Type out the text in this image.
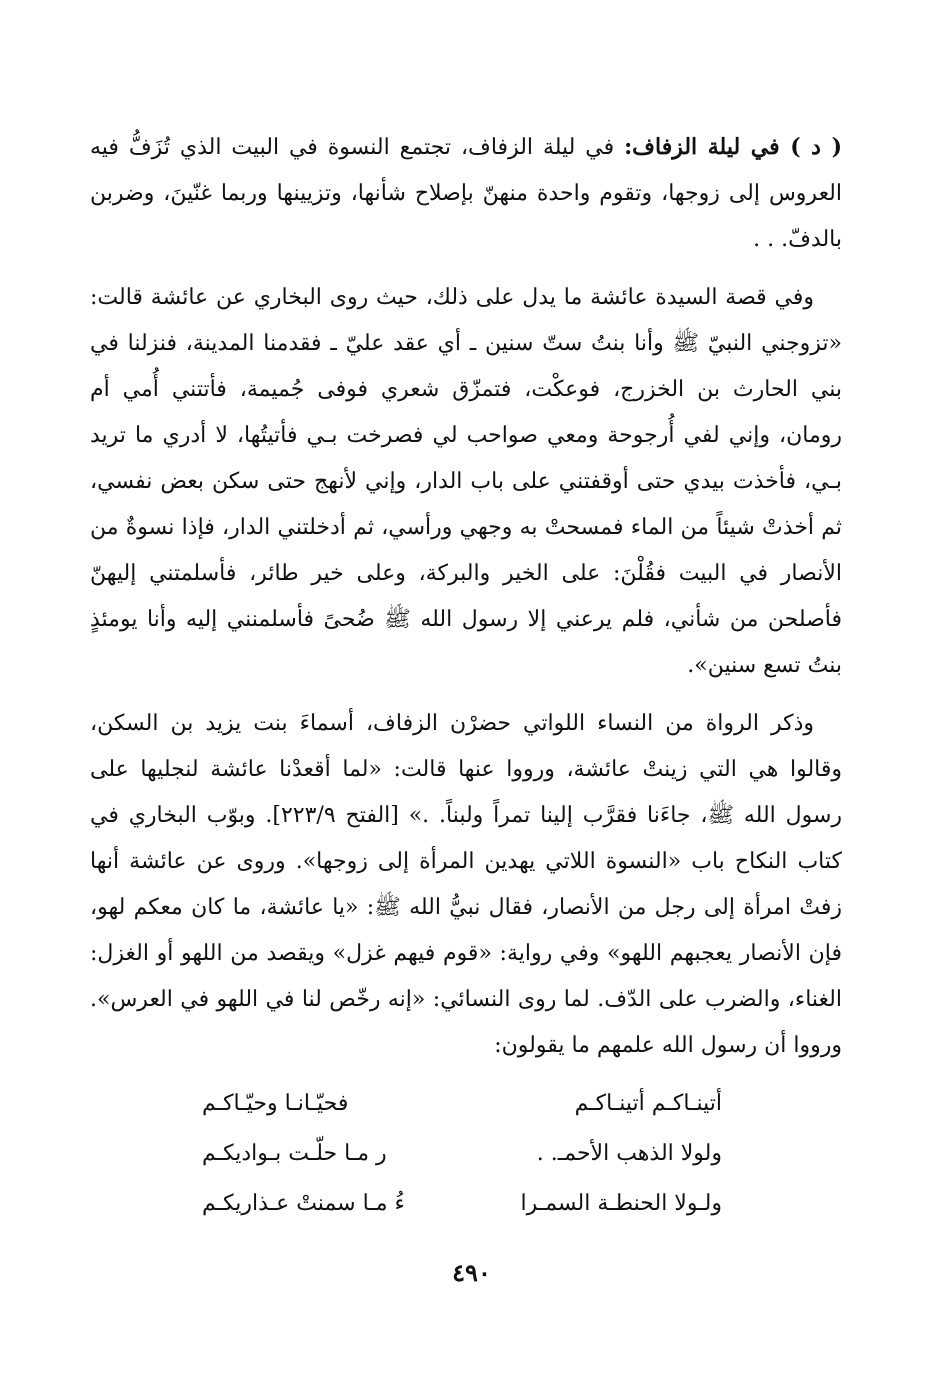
( د ) في ليلة الزفاف: في ليلة الزفاف، تجتمع النسوة في البيت الذي تُزَفُّ فيه العروس إلى زوجها، وتقوم واحدة منهنّ بإصلاح شأنها، وتزيينها وربما غنّينَ، وضربن بالدفّ. . .

وفي قصة السيدة عائشة ما يدل على ذلك، حيث روى البخاري عن عائشة قالت: «تزوجني النبيّ ﷺ وأنا بنتُ ستّ سنين ـ أي عقد عليّ ـ فقدمنا المدينة، فنزلنا في بني الحارث بن الخزرج، فوعكْت، فتمزّق شعري فوفى جُميمة، فأتتني أُمي أم رومان، وإني لفي أُرجوحة ومعي صواحب لي فصرخت بـي فأتيتُها، لا أدري ما تريد بـي، فأخذت بيدي حتى أوقفتني على باب الدار، وإني لأنهج حتى سكن بعض نفسي، ثم أخذتْ شيئاً من الماء فمسحتْ به وجهي ورأسي، ثم أدخلتني الدار، فإذا نسوةٌ من الأنصار في البيت فقُلْنَ: على الخير والبركة، وعلى خير طائر، فأسلمتني إليهنّ فأصلحن من شأني، فلم يرعني إلا رسول الله ﷺ ضُحىً فأسلمنني إليه وأنا يومئذٍ بنتُ تسع سنين».

وذكر الرواة من النساء اللواتي حضرْن الزفاف، أسماءَ بنت يزيد بن السكن، وقالوا هي التي زينتْ عائشة، ورووا عنها قالت: «لما أقعدْنا عائشة لنجليها على رسول الله ﷺ، جاءَنا فقرَّب إلينا تمراً ولبناً. .» [الفتح ٢٢٣/٩]. وبوّب البخاري في كتاب النكاح باب «النسوة اللاتي يهدين المرأة إلى زوجها». وروى عن عائشة أنها زفتْ امرأة إلى رجل من الأنصار، فقال نبيُّ الله ﷺ: «يا عائشة، ما كان معكم لهو، فإن الأنصار يعجبهم اللهو» وفي رواية: «قوم فيهم غزل» ويقصد من اللهو أو الغزل: الغناء، والضرب على الدّف. لما روى النسائي: «إنه رخّص لنا في اللهو في العرس». ورووا أن رسول الله علمهم ما يقولون:

أتينـاكـم أتينـاكـم
فحيّـانـا وحيّـاكـم
ولولا الذهب الأحمـ. .
ر مـا حلّـت بـواديكـم
ولـولا الحنطـة السمـرا
ءُ مـا سمنتْ عـذاريكـم
٤٩٠
